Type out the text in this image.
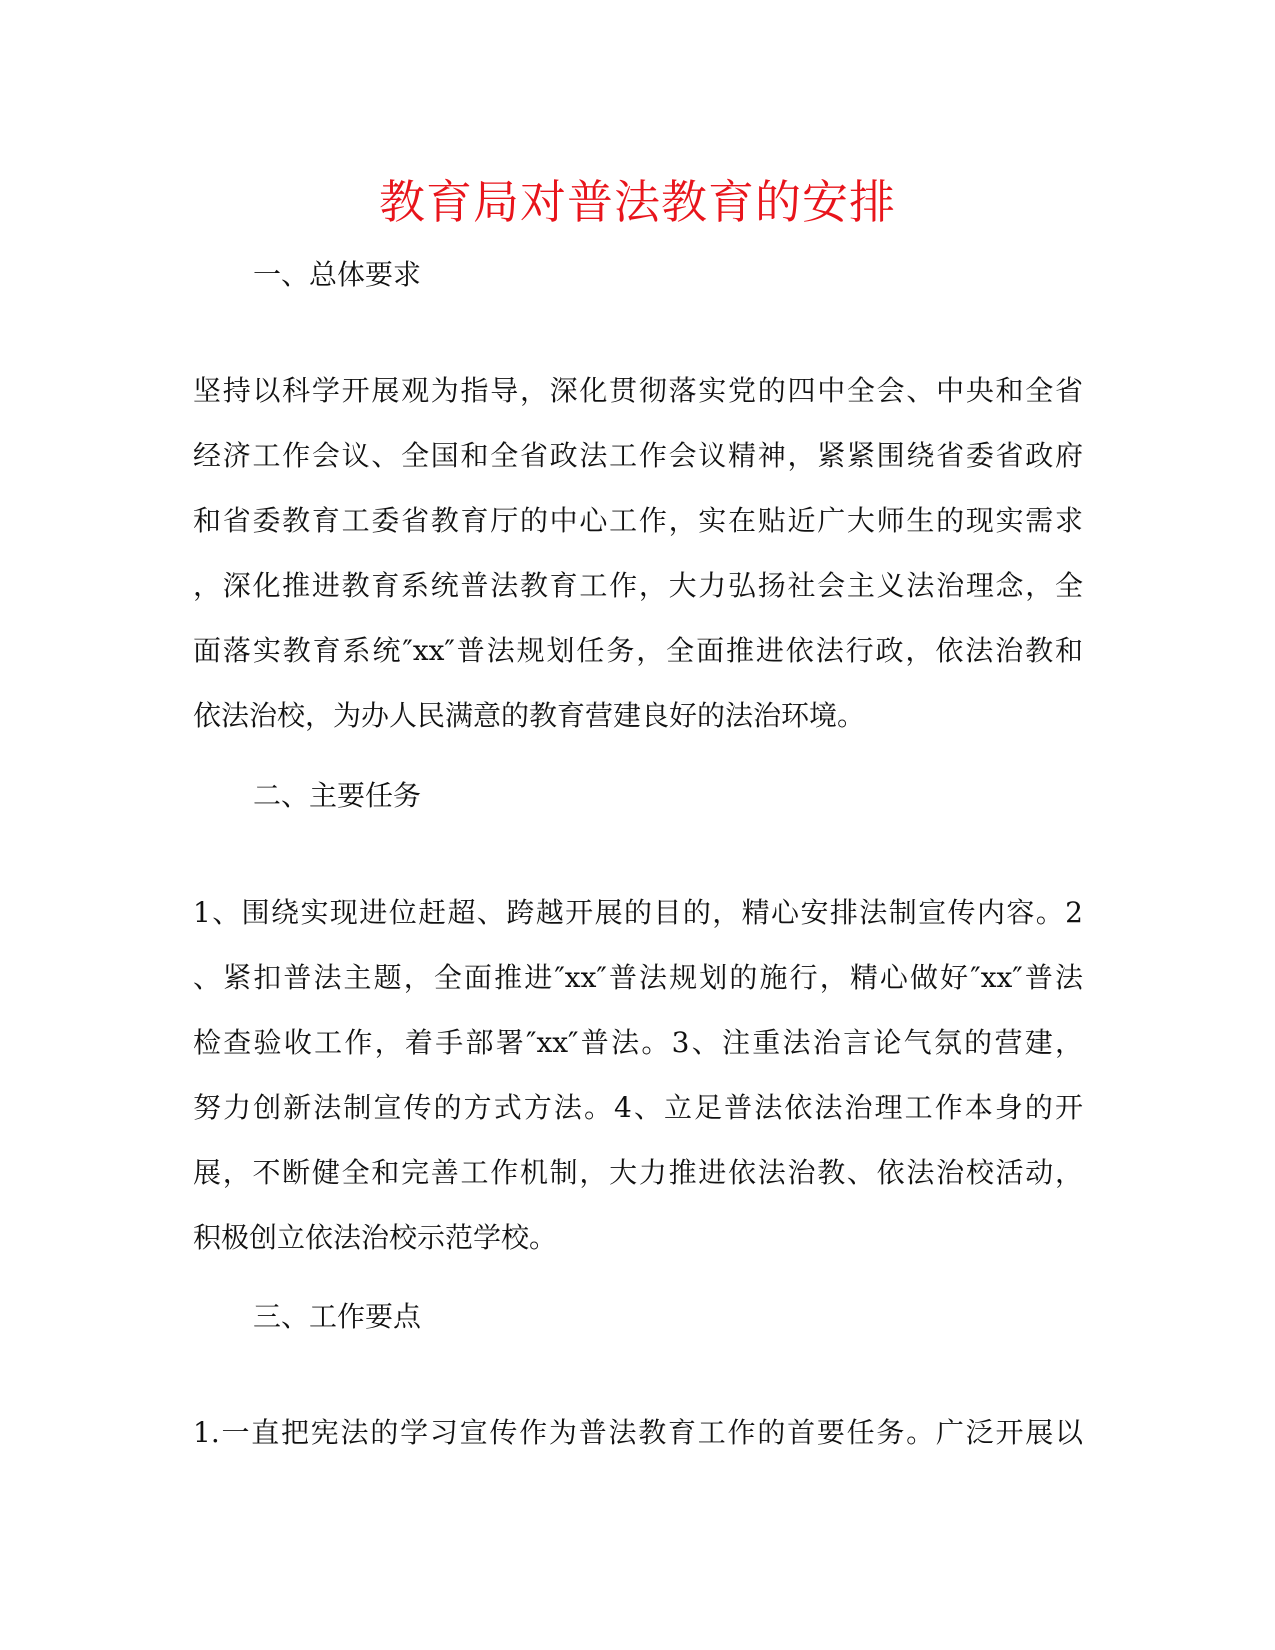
教育局对普法教育的安排
一、总体要求
坚持以科学开展观为指导，深化贯彻落实党的四中全会、中央和全省
经济工作会议、全国和全省政法工作会议精神，紧紧围绕省委省政府
和省委教育工委省教育厅的中心工作，实在贴近广大师生的现实需求
，深化推进教育系统普法教育工作，大力弘扬社会主义法治理念，全
面落实教育系统″xx″普法规划任务，全面推进依法行政，依法治教和
依法治校，为办人民满意的教育营建良好的法治环境。
二、主要任务
1、围绕实现进位赶超、跨越开展的目的，精心安排法制宣传内容。2
、紧扣普法主题，全面推进″xx″普法规划的施行，精心做好″xx″普法
检查验收工作，着手部署″xx″普法。3、注重法治言论气氛的营建，
努力创新法制宣传的方式方法。4、立足普法依法治理工作本身的开
展，不断健全和完善工作机制，大力推进依法治教、依法治校活动，
积极创立依法治校示范学校。
三、工作要点
1.一直把宪法的学习宣传作为普法教育工作的首要任务。广泛开展以
